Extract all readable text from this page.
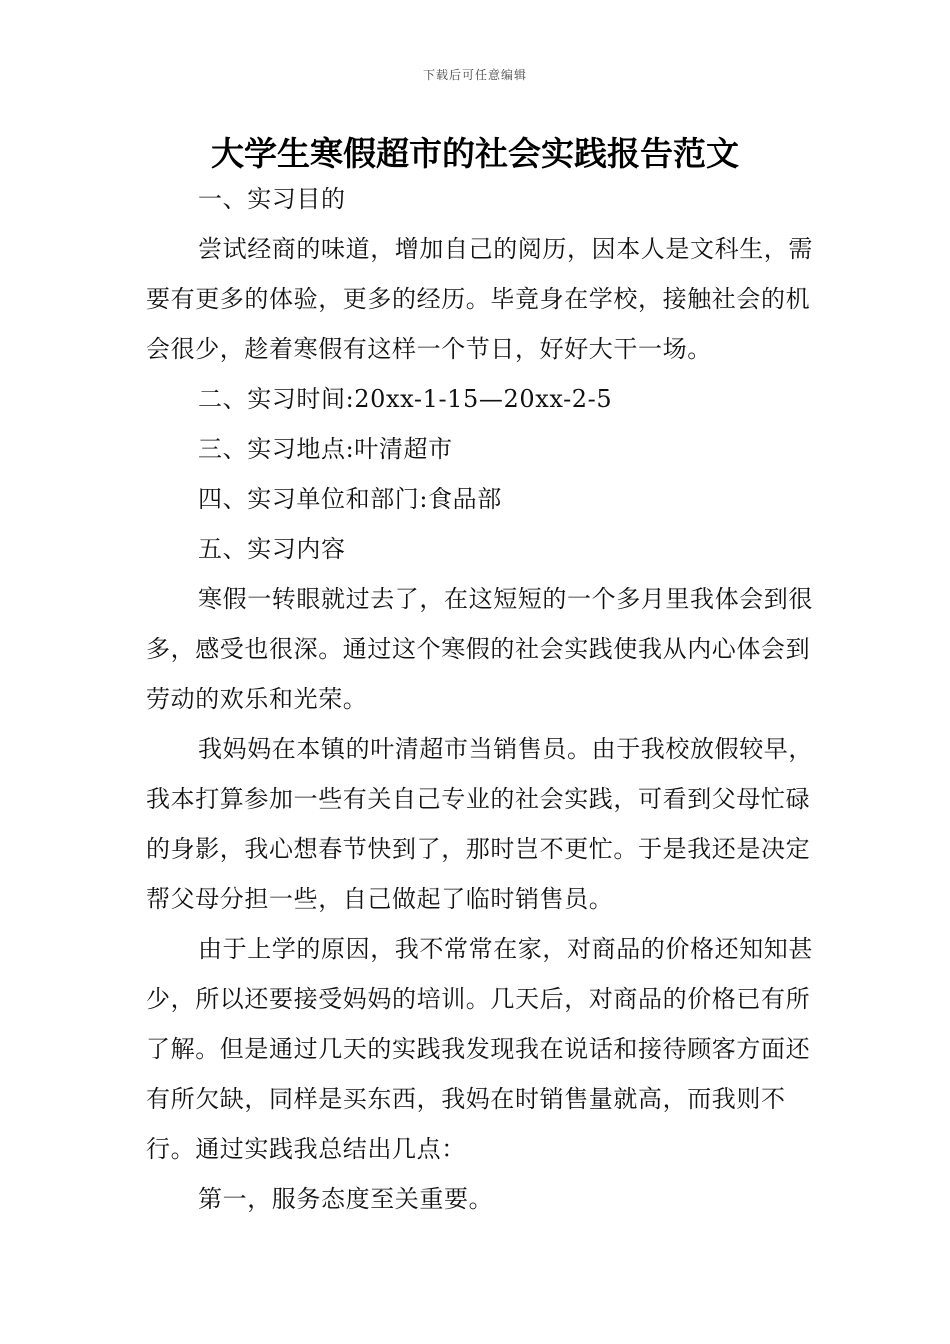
下载后可任意编辑
大学生寒假超市的社会实践报告范文

一、实习目的

尝试经商的味道，增加自己的阅历，因本人是文科生，需要有更多的体验，更多的经历。毕竟身在学校，接触社会的机会很少，趁着寒假有这样一个节日，好好大干一场。

二、实习时间:20xx-1-15—20xx-2-5

三、实习地点:叶清超市

四、实习单位和部门:食品部

五、实习内容

寒假一转眼就过去了，在这短短的一个多月里我体会到很多，感受也很深。通过这个寒假的社会实践使我从内心体会到劳动的欢乐和光荣。

我妈妈在本镇的叶清超市当销售员。由于我校放假较早，我本打算参加一些有关自己专业的社会实践，可看到父母忙碌的身影，我心想春节快到了，那时岂不更忙。于是我还是决定帮父母分担一些，自己做起了临时销售员。

由于上学的原因，我不常常在家，对商品的价格还知知甚少，所以还要接受妈妈的培训。几天后，对商品的价格已有所了解。但是通过几天的实践我发现我在说话和接待顾客方面还有所欠缺，同样是买东西，我妈在时销售量就高，而我则不行。通过实践我总结出几点：

第一，服务态度至关重要。
